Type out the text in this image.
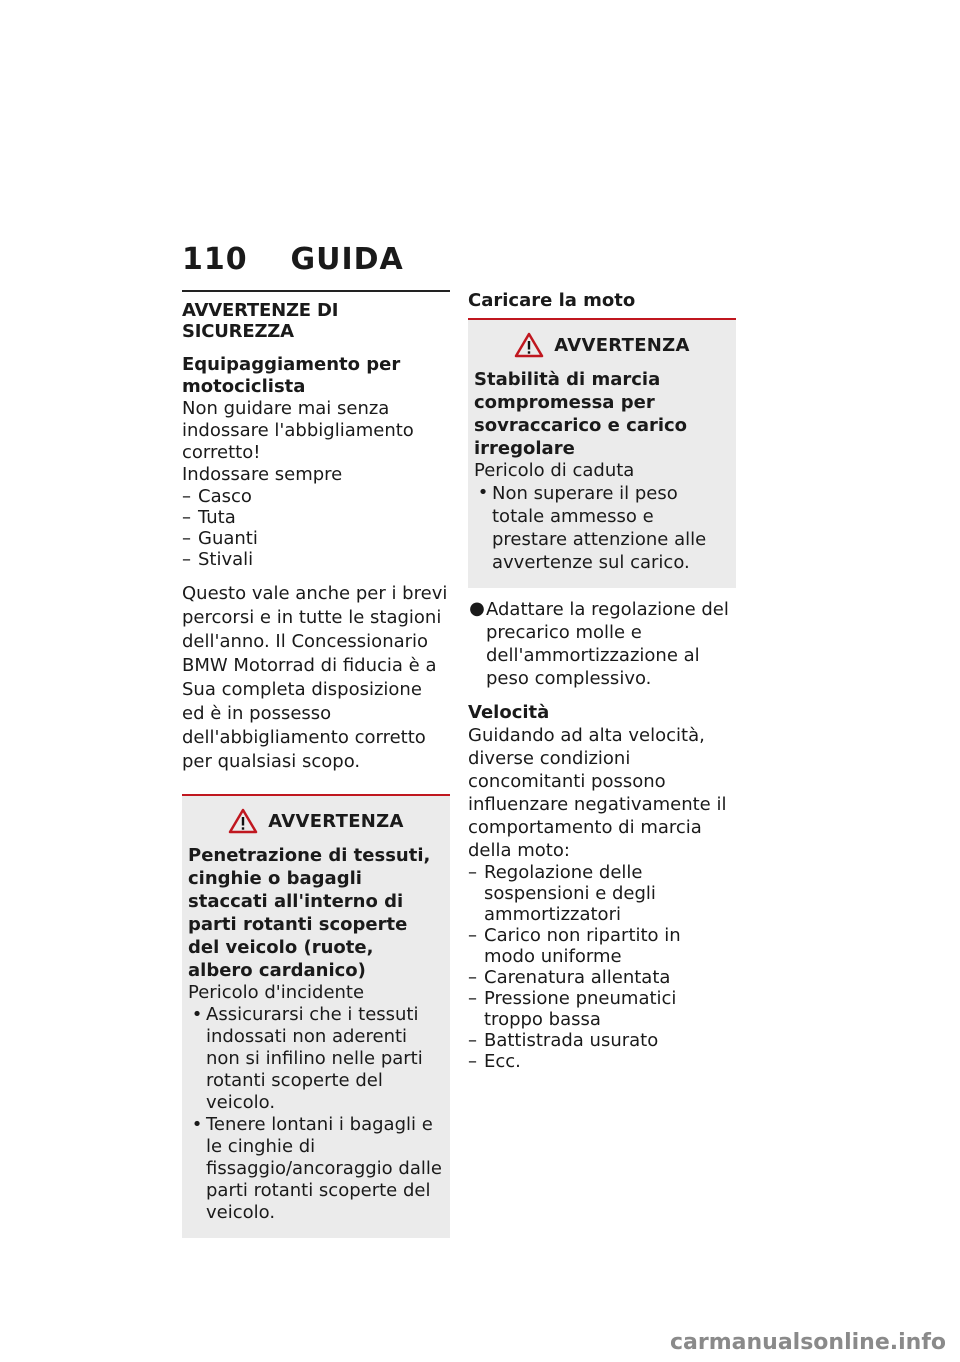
110 GUIDA
AVVERTENZE DI SICUREZZA

Equipaggiamento per motociclista

Non guidare mai senza indossare l'abbigliamento corretto!

Indossare sempre

– Casco
– Tuta
– Guanti
– Stivali

Questo vale anche per i brevi percorsi e in tutte le stagioni dell'anno. Il Concessionario BMW Motorrad di fiducia è a Sua completa disposizione ed è in possesso dell'abbigliamento corretto per qualsiasi scopo.

AVVERTENZA

Penetrazione di tessuti, cinghie o bagagli staccati all'interno di parti rotanti scoperte del veicolo (ruote, albero cardanico)

Pericolo d'incidente

• Assicurarsi che i tessuti indossati non aderenti non si infilino nelle parti rotanti scoperte del veicolo.
• Tenere lontani i bagagli e le cinghie di fissaggio/ancoraggio dalle parti rotanti scoperte del veicolo.
Caricare la moto
AVVERTENZA

Stabilità di marcia compromessa per sovraccarico e carico irregolare

Pericolo di caduta

• Non superare il peso totale ammesso e prestare attenzione alle avvertenze sul carico.
● Adattare la regolazione del precarico molle e dell'ammortizzazione al peso complessivo.

Velocità

Guidando ad alta velocità, diverse condizioni concomitanti possono influenzare negativamente il comportamento di marcia della moto:

– Regolazione delle sospensioni e degli ammortizzatori
– Carico non ripartito in modo uniforme
– Carenatura allentata
– Pressione pneumatici troppo bassa
– Battistrada usurato
– Ecc.
carmanualsonline.info
